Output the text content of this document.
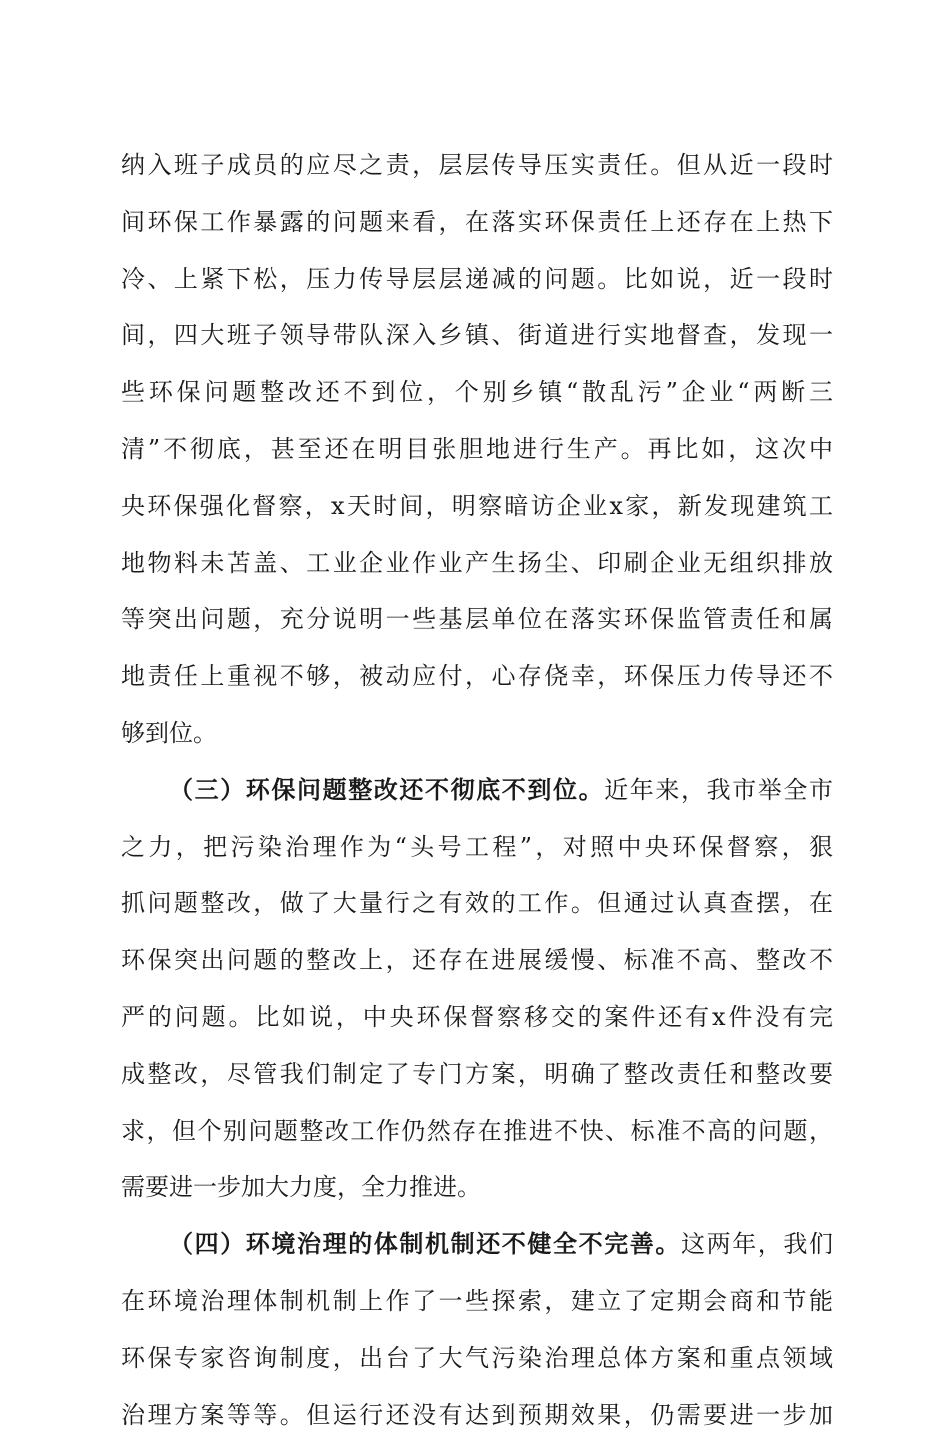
纳入班子成员的应尽之责，层层传导压实责任。但从近一段时
间环保工作暴露的问题来看，在落实环保责任上还存在上热下
冷、上紧下松，压力传导层层递减的问题。比如说，近一段时
间，四大班子领导带队深入乡镇、街道进行实地督查，发现一
些环保问题整改还不到位，个别乡镇“散乱污”企业“两断三
清”不彻底，甚至还在明目张胆地进行生产。再比如，这次中
央环保强化督察，x天时间，明察暗访企业x家，新发现建筑工
地物料未苫盖、工业企业作业产生扬尘、印刷企业无组织排放
等突出问题，充分说明一些基层单位在落实环保监管责任和属
地责任上重视不够，被动应付，心存侥幸，环保压力传导还不
够到位。
（三）环保问题整改还不彻底不到位。近年来，我市举全市
之力，把污染治理作为“头号工程”，对照中央环保督察，狠
抓问题整改，做了大量行之有效的工作。但通过认真查摆，在
环保突出问题的整改上，还存在进展缓慢、标准不高、整改不
严的问题。比如说，中央环保督察移交的案件还有x件没有完
成整改，尽管我们制定了专门方案，明确了整改责任和整改要
求，但个别问题整改工作仍然存在推进不快、标准不高的问题，
需要进一步加大力度，全力推进。
（四）环境治理的体制机制还不健全不完善。这两年，我们
在环境治理体制机制上作了一些探索，建立了定期会商和节能
环保专家咨询制度，出台了大气污染治理总体方案和重点领域
治理方案等等。但运行还没有达到预期效果，仍需要进一步加
